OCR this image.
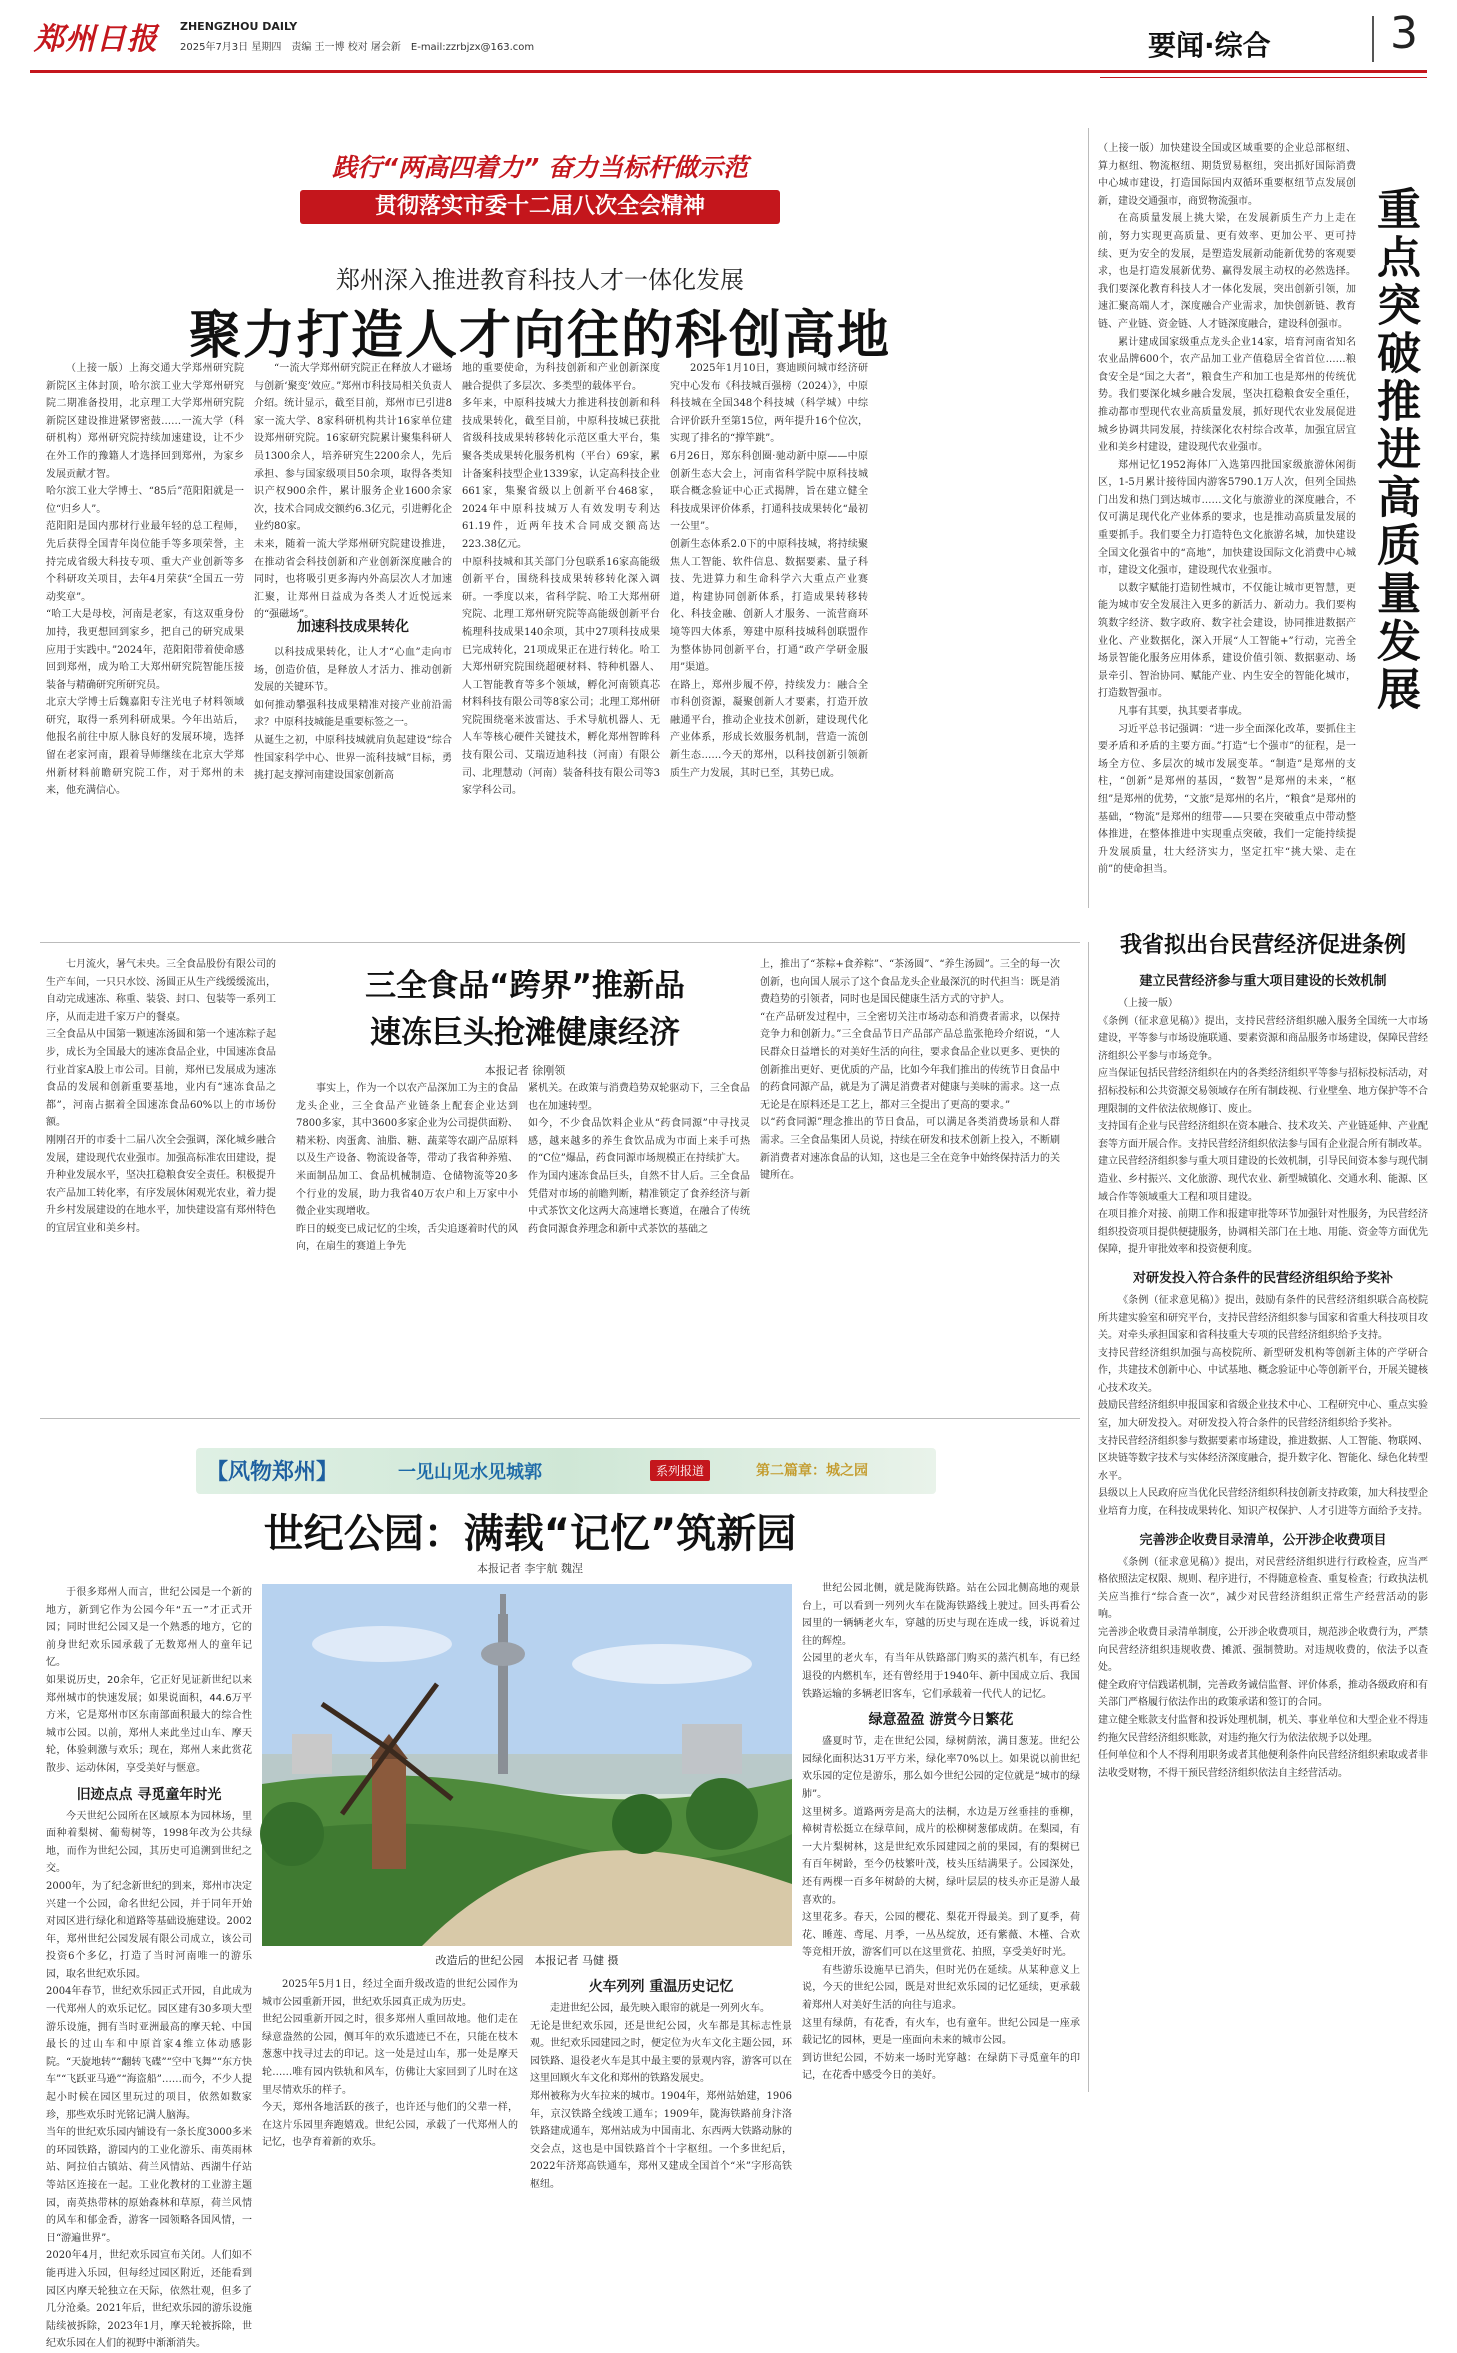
郑州日报 ZHENGZHOU DAILY
2025年7月3日 星期四　责编 王一博 校对 屠会新　E-mail:zzrbjzx@163.com	要闻·综合	3
践行“两高四着力” 奋力当标杆做示范
贯彻落实市委十二届八次全会精神
郑州深入推进教育科技人才一体化发展
聚力打造人才向往的科创高地

（上接一版）上海交通大学郑州研究院新院区主体封顶，哈尔滨工业大学郑州研究院二期准备投用，北京理工大学郑州研究院新院区建设推进紧锣密鼓……一流大学（科研机构）郑州研究院持续加速建设，让不少在外工作的豫籍人才选择回到郑州，为家乡发展贡献才智。
哈尔滨工业大学博士、“85后”范阳阳就是一位“归乡人”。
范阳阳是国内那材行业最年轻的总工程师，先后获得全国青年岗位能手等多项荣誉，主持完成省级大科技专项、重大产业创新等多个科研攻关项目，去年4月荣获“全国五一劳动奖章”。
“哈工大是母校，河南是老家，有这双重身份加持，我更想回到家乡，把自己的研究成果应用于实践中。”2024年，范阳阳带着使命感回到郑州，成为哈工大郑州研究院智能压接装备与精确研究所研究员。
北京大学博士后魏嘉阳专注光电子材料领域研究，取得一系列科研成果。今年出站后，他报名前往中原人脉良好的发展环境，选择留在老家河南，跟着导师继续在北京大学郑州新材料前瞻研究院工作，对于郑州的未来，他充满信心。

“一流大学郑州研究院正在释放人才磁场与创新‘聚变’效应。”郑州市科技局相关负责人介绍。统计显示，截至目前，郑州市已引进8家一流大学、8家科研机构共计16家单位建设郑州研究院。16家研究院累计聚集科研人员1300余人，培养研究生2200余人，先后承担、参与国家级项目50余项，取得各类知识产权900余件，累计服务企业1600余家次，技术合同成交额约6.3亿元，引进孵化企业约80家。
未来，随着一流大学郑州研究院建设推进，在推动省会科技创新和产业创新深度融合的同时，也将吸引更多海内外高层次人才加速汇聚，让郑州日益成为各类人才近悦远来的“强磁场”。

加速科技成果转化

以科技成果转化，让人才“心血”走向市场，创造价值，是释放人才活力、推动创新发展的关键环节。
如何推动攀强科技成果精准对接产业前沿需求？中原科技城能是重要标签之一。
从诞生之初，中原科技城就肩负起建设“综合性国家科学中心、世界一流科技城”目标，勇挑打起支撑河南建设国家创新高

地的重要使命，为科技创新和产业创新深度融合提供了多层次、多类型的载体平台。
多年来，中原科技城大力推进科技创新和科技成果转化，截至目前，中原科技城已获批省级科技成果转移转化示范区重大平台，集聚各类成果转化服务机构（平台）69家，累计备案科技型企业1339家，认定高科技企业661家，集聚省级以上创新平台468家，2024年中原科技城万人有效发明专利达61.19件，近两年技术合同成交额高达223.38亿元。
中原科技城和其关部门分包联系16家高能级创新平台，围绕科技成果转移转化深入调研。一季度以来，省科学院、哈工大郑州研究院、北理工郑州研究院等高能级创新平台梳理科技成果140余项，其中27项科技成果已完成转化，21项成果正在进行转化。哈工大郑州研究院围绕超硬材料、特种机器人、人工智能教育等多个领域，孵化河南锁真芯材料科技有限公司等8家公司；北理工郑州研究院围绕毫米波雷达、手术导航机器人、无人车等核心硬件关键技术，孵化郑州智眸科技有限公司、艾瑞迈迪科技（河南）有限公司、北理慧动（河南）装备科技有限公司等3家学科公司。

2025年1月10日，赛迪顾问城市经济研究中心发布《科技城百强榜（2024）》，中原科技城在全国348个科技城（科学城）中综合评价跃升至第15位，两年提升16个位次，实现了排名的“撑竿跳”。
6月26日，郑东科创圈·驰动新中原——中原创新生态大会上，河南省科学院中原科技城联合概念验证中心正式揭牌，旨在建立健全科技成果评价体系，打通科技成果转化“最初一公里”。
创新生态体系2.0下的中原科技城，将持续聚焦人工智能、软件信息、数据要素、量子科技、先进算力和生命科学六大重点产业赛道，构建协同创新体系，打造成果转移转化、科技金融、创新人才服务、一流营商环境等四大体系，筹建中原科技城科创联盟作为整体协同创新平台，打通“政产学研金服用”渠道。
在路上，郑州步履不停，持续发力：融合全市科创资源，凝聚创新人才要素，打造开放融通平台，推动企业技术创新，建设现代化产业体系，形成长效服务机制，营造一流创新生态……今天的郑州，以科技创新引领新质生产力发展，其时已至，其势已成。

（上接一版）加快建设全国或区域重要的企业总部枢纽、算力枢纽、物流枢纽、期货贸易枢纽，突出抓好国际消费中心城市建设，打造国际国内双循环重要枢纽节点发展创新，建设交通强市，商贸物流强市。

在高质量发展上挑大梁，在发展新质生产力上走在前，努力实现更高质量、更有效率、更加公平、更可持续、更为安全的发展，是塑造发展新动能新优势的客观要求，也是打造发展新优势、赢得发展主动权的必然选择。我们要深化教育科技人才一体化发展，突出创新引领，加速汇聚高端人才，深度融合产业需求，加快创新链、教育链、产业链、资金链、人才链深度融合，建设科创强市。

累计建成国家级重点龙头企业14家，培育河南省知名农业品牌600个，农产品加工业产值稳居全省首位……粮食安全是“国之大者”，粮食生产和加工也是郑州的传统优势。我们要深化城乡融合发展，坚决扛稳粮食安全重任，推动都市型现代农业高质量发展，抓好现代农业发展促进城乡协调共同发展，持续深化农村综合改革，加强宜居宜业和美乡村建设，建设现代农业强市。

郑州记忆1952海体厂入选第四批国家级旅游休闲街区，1-5月累计接待国内游客5790.1万人次，但列全国热门出发和热门到达城市……文化与旅游业的深度融合，不仅可满足现代化产业体系的要求，也是推动高质量发展的重要抓手。我们要全力打造特色文化旅游名城，加快建设全国文化强省中的“高地”，加快建设国际文化消费中心城市，建设文化强市，建设现代农业强市。

以数字赋能打造韧性城市，不仅能让城市更智慧，更能为城市安全发展注入更多的新活力、新动力。我们要构筑数字经济、数字政府、数字社会建设，协同推进数据产业化、产业数据化，深入开展“人工智能+”行动，完善全场景智能化服务应用体系，建设价值引领、数据驱动、场景牵引、智治协同、赋能产业、内生安全的智能化城市，打造数智强市。

凡事有其要，执其要者事成。

习近平总书记强调：“进一步全面深化改革，要抓住主要矛盾和矛盾的主要方面。”打造“七个强市”的征程，是一场全方位、多层次的城市发展变革。“制造”是郑州的支柱，“创新”是郑州的基因，“数智”是郑州的未来，“枢纽”是郑州的优势，“文旅”是郑州的名片，“粮食”是郑州的基础，“物流”是郑州的纽带——只要在突破重点中带动整体推进，在整体推进中实现重点突破，我们一定能持续提升发展质量，壮大经济实力，坚定扛牢“挑大梁、走在前”的使命担当。

重点突破推进高质量发展

七月流火，暑气未央。三全食品股份有限公司的生产车间，一只只水饺、汤圆正从生产线缓缓流出，自动完成速冻、称重、装袋、封口、包装等一系列工序，从而走进千家万户的餐桌。
三全食品从中国第一颗速冻汤圆和第一个速冻粽子起步，成长为全国最大的速冻食品企业，中国速冻食品行业首家A股上市公司。目前，郑州已发展成为速冻食品的发展和创新重要基地，业内有“速冻食品之都”，河南占据着全国速冻食品60%以上的市场份额。
刚刚召开的市委十二届八次全会强调，深化城乡融合发展，建设现代农业强市。加强高标准农田建设，提升种业发展水平，坚决扛稳粮食安全责任。积极提升农产品加工转化率，有序发展休闲观光农业，着力提升乡村发展建设的在地水平，加快建设富有郑州特色的宜居宜业和美乡村。

三全食品“跨界”推新品
速冻巨头抢滩健康经济
本报记者 徐刚领

事实上，作为一个以农产品深加工为主的食品龙头企业，三全食品产业链条上配套企业达到7800多家，其中3600多家企业为公司提供面粉、精米粉、肉蛋禽、油脂、糖、蔬菜等农副产品原料以及生产设备、物流设备等，带动了我省种养殖、米面制品加工、食品机械制造、仓储物流等20多个行业的发展，助力我省40万农户和上万家中小微企业实现增收。
昨日的蜕变已成记忆的尘埃，舌尖追逐着时代的风向，在扇生的赛道上争先

紧机关。在政策与消费趋势双轮驱动下，三全食品也在加速转型。
如今，不少食品饮料企业从“药食同源”中寻找灵感，越来越多的养生食饮品成为市面上来手可热的“C位”爆品，药食同源市场规模正在持续扩大。
作为国内速冻食品巨头，自然不甘人后。三全食品凭借对市场的前瞻判断，精准锁定了食养经济与新中式茶饮文化这两大高速增长赛道，在融合了传统药食同源食养理念和新中式茶饮的基础之

上，推出了“茶粽+食养粽”、“茶汤圆”、“养生汤圆”。三全的每一次创新，也向国人展示了这个食品龙头企业最深沉的时代担当：既是消费趋势的引领者，同时也是国民健康生活方式的守护人。
“在产品研发过程中，三全密切关注市场动态和消费者需求，以保持竞争力和创新力。”三全食品节日产品部产品总监张艳玲介绍说，“人民群众日益增长的对美好生活的向往，要求食品企业以更多、更快的创新推出更好、更优质的产品，比如今年我们推出的传统节日食品中的药食同源产品，就是为了满足消费者对健康与美味的需求。这一点无论是在原料还是工艺上，都对三全提出了更高的要求。”
以“药食同源”理念推出的节日食品，可以满足各类消费场景和人群需求。三全食品集团人员说，持续在研发和技术创新上投入，不断刷新消费者对速冻食品的认知，这也是三全在竞争中始终保持活力的关键所在。

我省拟出台民营经济促进条例
建立民营经济参与重大项目建设的长效机制

（上接一版）
《条例（征求意见稿）》提出，支持民营经济组织融入服务全国统一大市场建设，平等参与市场设施联通、要素资源和商品服务市场建设，保障民营经济组织公平参与市场竞争。
应当保证包括民营经济组织在内的各类经济组织平等参与招标投标活动，对招标投标和公共资源交易领域存在所有制歧视、行业壁垒、地方保护等不合理限制的文件依法依规修订、废止。
支持国有企业与民营经济组织在资本融合、技术攻关、产业链延伸、产业配套等方面开展合作。支持民营经济组织依法参与国有企业混合所有制改革。
建立民营经济组织参与重大项目建设的长效机制，引导民间资本参与现代制造业、乡村振兴、文化旅游、现代农业、新型城镇化、交通水利、能源、区域合作等领域重大工程和项目建设。
在项目推介对接、前期工作和报建审批等环节加强针对性服务，为民营经济组织投资项目提供便捷服务，协调相关部门在土地、用能、资金等方面优先保障，提升审批效率和投资便利度。

对研发投入符合条件的民营经济组织给予奖补

《条例（征求意见稿）》提出，鼓励有条件的民营经济组织联合高校院所共建实验室和研究平台，支持民营经济组织参与国家和省重大科技项目攻关。对牵头承担国家和省科技重大专项的民营经济组织给予支持。
支持民营经济组织加强与高校院所、新型研发机构等创新主体的产学研合作，共建技术创新中心、中试基地、概念验证中心等创新平台，开展关键核心技术攻关。
鼓励民营经济组织申报国家和省级企业技术中心、工程研究中心、重点实验室，加大研发投入。对研发投入符合条件的民营经济组织给予奖补。
支持民营经济组织参与数据要素市场建设，推进数据、人工智能、物联网、区块链等数字技术与实体经济深度融合，提升数字化、智能化、绿色化转型水平。
县级以上人民政府应当优化民营经济组织科技创新支持政策，加大科技型企业培育力度，在科技成果转化、知识产权保护、人才引进等方面给予支持。

完善涉企收费目录清单，公开涉企收费项目

《条例（征求意见稿）》提出，对民营经济组织进行行政检查，应当严格依照法定权限、规则、程序进行，不得随意检查、重复检查；行政执法机关应当推行“综合查一次”，减少对民营经济组织正常生产经营活动的影响。
完善涉企收费目录清单制度，公开涉企收费项目，规范涉企收费行为，严禁向民营经济组织违规收费、摊派、强制赞助。对违规收费的，依法予以查处。
健全政府守信践诺机制，完善政务诚信监督、评价体系，推动各级政府和有关部门严格履行依法作出的政策承诺和签订的合同。
建立健全账款支付监督和投诉处理机制，机关、事业单位和大型企业不得违约拖欠民营经济组织账款，对违约拖欠行为依法依规予以处理。
任何单位和个人不得利用职务或者其他便利条件向民营经济组织索取或者非法收受财物，不得干预民营经济组织依法自主经营活动。

【风物郑州】	一见山见水见城郭	系列报道	第二篇章：城之园
世纪公园：满载“记忆”筑新园
本报记者 李宇航 魏涅

于很多郑州人而言，世纪公园是一个新的地方，新到它作为公园今年“五一”才正式开园；同时世纪公园又是一个熟悉的地方，它的前身世纪欢乐园承载了无数郑州人的童年记忆。
如果说历史，20余年，它正好见证新世纪以来郑州城市的快速发展；如果说面积，44.6万平方米，它是郑州市区东南部面积最大的综合性城市公园。以前，郑州人来此坐过山车、摩天轮，体验刺激与欢乐；现在，郑州人来此赏花散步、运动休闲，享受美好与惬意。

旧迹点点 寻觅童年时光

今天世纪公园所在区域原本为园林场，里面种着梨树、葡萄树等，1998年改为公共绿地，而作为世纪公园，其历史可追溯到世纪之交。
2000年，为了纪念新世纪的到来，郑州市决定兴建一个公园，命名世纪公园，并于同年开始对园区进行绿化和道路等基础设施建设。2002年，郑州世纪公园发展有限公司成立，该公司投资6个多亿，打造了当时河南唯一的游乐园，取名世纪欢乐园。
2004年春节，世纪欢乐园正式开园，自此成为一代郑州人的欢乐记忆。园区建有30多项大型游乐设施，拥有当时亚洲最高的摩天轮、中国最长的过山车和中原首家4维立体动感影院。“天旋地转”“翻转飞碟”“空中飞舞”“东方快车”“飞跃亚马逊”“海盗船”……而今，不少人提起小时候在园区里玩过的项目，依然如数家珍，那些欢乐时光铭记满人脑海。
当年的世纪欢乐园内铺设有一条长度3000多米的环园铁路，游园内的工业化游乐、南英雨林站、阿拉伯古镇站、荷兰风情站、西湖牛仔站等站区连接在一起。工业化教材的工业游主题园，南英热带林的原始森林和草原，荷兰风情的风车和郁金香，游客一园领略各国风情，一日“游遍世界”。
2020年4月，世纪欢乐园宣布关闭。人们如不能再进入乐园，但每经过园区附近，还能看到园区内摩天轮独立在天际，依然壮观，但多了几分沧桑。2021年后，世纪欢乐园的游乐设施陆续被拆除，2023年1月，摩天轮被拆除，世纪欢乐园在人们的视野中渐渐消失。

改造后的世纪公园　本报记者 马健 摄

2025年5月1日，经过全面升级改造的世纪公园作为城市公园重新开园，世纪欢乐园真正成为历史。
世纪公园重新开园之时，很多郑州人重回故地。他们走在绿意盎然的公园，侧耳年的欢乐遗迹已不在，只能在枝木葱葱中找寻过去的印记。这一处是过山车，那一处是摩天轮……唯有园内铁轨和风车，仿佛让大家回到了儿时在这里尽情欢乐的样子。
今天，郑州各地活跃的孩子，也许还与他们的父辈一样，在这片乐园里奔跑嬉戏。世纪公园，承载了一代郑州人的记忆，也孕育着新的欢乐。

火车列列 重温历史记忆

走进世纪公园，最先映入眼帘的就是一列列火车。
无论是世纪欢乐园，还是世纪公园，火车都是其标志性景观。世纪欢乐园建园之时，便定位为火车文化主题公园，环园铁路、退役老火车是其中最主要的景观内容，游客可以在这里回顾火车文化和郑州的铁路发展史。
郑州被称为火车拉来的城市。1904年，郑州站始建，1906年，京汉铁路全线竣工通车；1909年，陇海铁路前身汴洛铁路建成通车，郑州站成为中国南北、东西两大铁路动脉的交会点，这也是中国铁路首个十字枢纽。一个多世纪后，2022年济郑高铁通车，郑州又建成全国首个“米”字形高铁枢纽。

世纪公园北侧，就是陇海铁路。站在公园北侧高地的观景台上，可以看到一列列火车在陇海铁路线上驶过。回头再看公园里的一辆辆老火车，穿越的历史与现在连成一线，诉说着过往的辉煌。
公园里的老火车，有当年从铁路部门购买的蒸汽机车，有已经退役的内燃机车，还有曾经用于1940年、新中国成立后、我国铁路运输的多辆老旧客车，它们承载着一代代人的记忆。

绿意盈盈 游赏今日繁花

盛夏时节，走在世纪公园，绿树荫浓，满目葱茏。世纪公园绿化面积达31万平方米，绿化率70%以上。如果说以前世纪欢乐园的定位是游乐，那么如今世纪公园的定位就是“城市的绿肺”。
这里树多。道路两旁是高大的法桐，水边是万丝垂挂的垂柳，樟树青松挺立在绿草间，成片的松柳树葱郁成荫。在梨园，有一大片梨树林，这是世纪欢乐园建园之前的果园，有的梨树已有百年树龄，至今仍枝繁叶茂，枝头压结满果子。公园深处，还有两棵一百多年树龄的大树，绿叶层层的枝头亦正是游人最喜欢的。
这里花多。春天，公园的樱花、梨花开得最美。到了夏季，荷花、睡莲、鸢尾、月季，一丛丛绽放，还有紫薇、木槿、合欢等竞相开放，游客们可以在这里赏花、拍照，享受美好时光。

有些游乐设施早已消失，但时光仍在延续。从某种意义上说，今天的世纪公园，既是对世纪欢乐园的记忆延续，更承载着郑州人对美好生活的向往与追求。
这里有绿荫，有花香，有火车，也有童年。世纪公园是一座承载记忆的园林，更是一座面向未来的城市公园。
到访世纪公园，不妨来一场时光穿越：在绿荫下寻觅童年的印记，在花香中感受今日的美好。
